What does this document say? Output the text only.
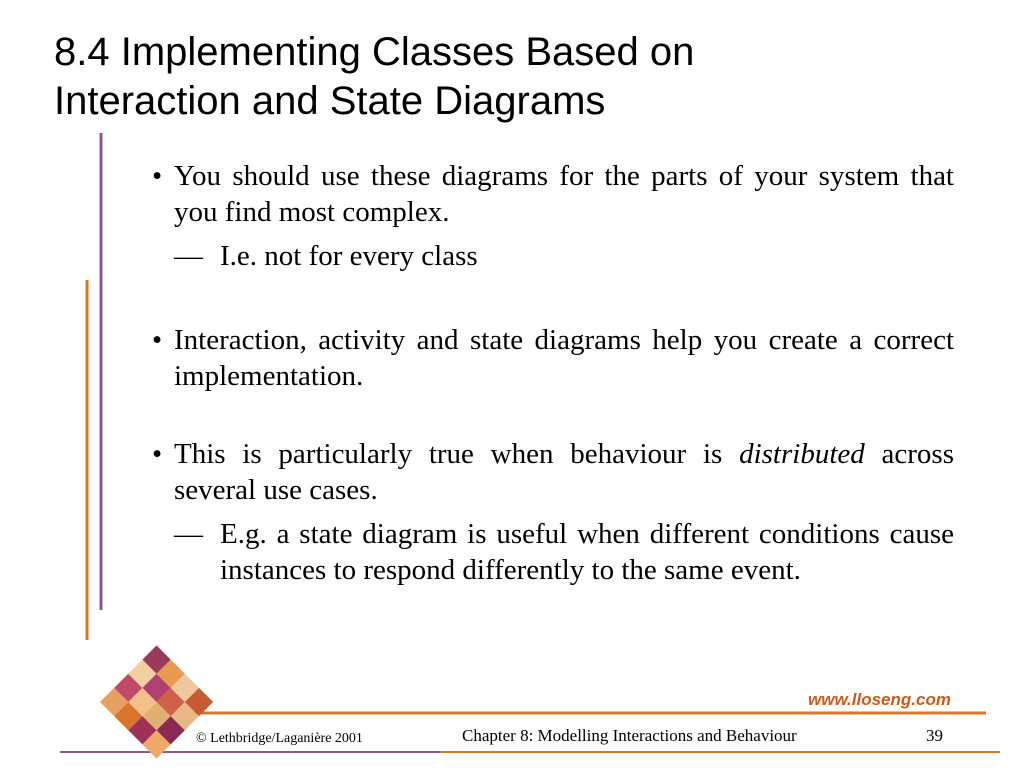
8.4 Implementing Classes Based on
Interaction and State Diagrams
• You should use these diagrams for the parts of your system that you find most complex.
— I.e. not for every class
• Interaction, activity and state diagrams help you create a correct implementation.
• This is particularly true when behaviour is distributed across several use cases.
— E.g. a state diagram is useful when different conditions cause instances to respond differently to the same event.
www.lloseng.com
© Lethbridge/Laganière 2001	Chapter 8: Modelling Interactions and Behaviour	39
